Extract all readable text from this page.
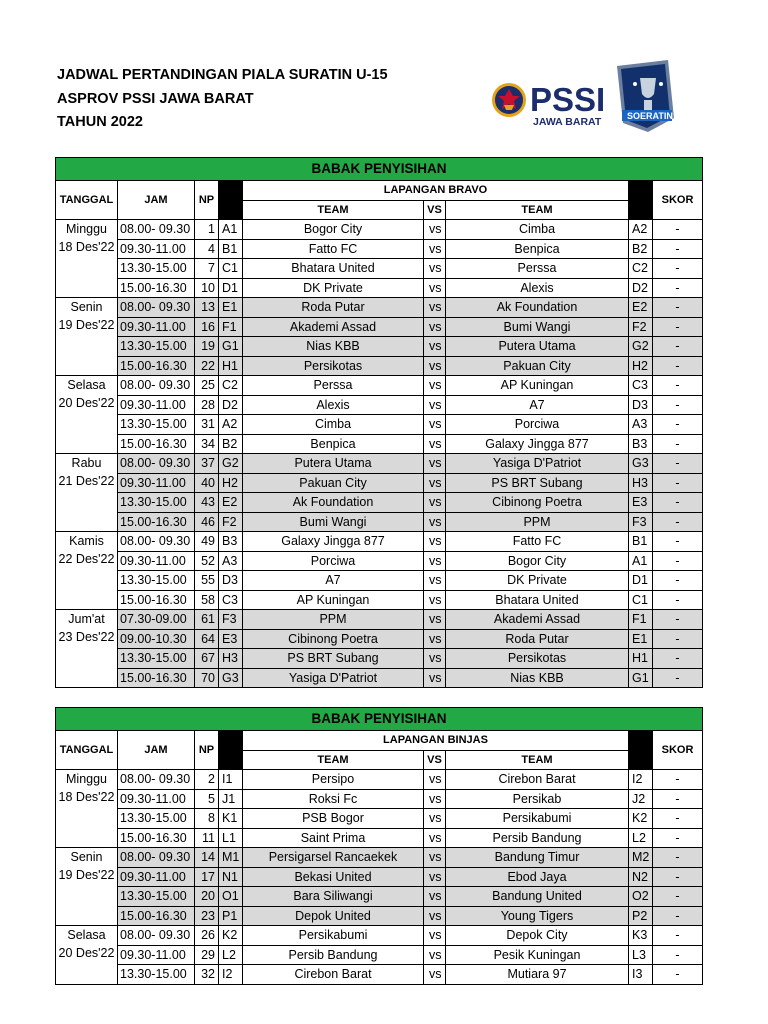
JADWAL PERTANDINGAN PIALA SURATIN U-15
ASPROV PSSI JAWA BARAT
TAHUN 2022
PSSI
JAWA BARAT	SOERATIN
BABAK PENYISIHAN								
TANGGAL	JAM	NP		LAPANGAN BRAVO				SKOR
				TEAM	VS	TEAM		

Minggu
18 Des'22	08.00- 09.30	1	A1	Bogor City	vs	Cimba	A2	-
	09.30-11.00	4	B1	Fatto FC	vs	Benpica	B2	-
	13.30-15.00	7	C1	Bhatara United	vs	Perssa	C2	-
	15.00-16.30	10	D1	DK Private	vs	Alexis	D2	-

Senin
19 Des'22	08.00- 09.30	13	E1	Roda Putar	vs	Ak Foundation	E2	-
	09.30-11.00	16	F1	Akademi Assad	vs	Bumi Wangi	F2	-
	13.30-15.00	19	G1	Nias KBB	vs	Putera Utama	G2	-
	15.00-16.30	22	H1	Persikotas	vs	Pakuan City	H2	-

Selasa
20 Des'22	08.00- 09.30	25	C2	Perssa	vs	AP Kuningan	C3	-
	09.30-11.00	28	D2	Alexis	vs	A7	D3	-
	13.30-15.00	31	A2	Cimba	vs	Porciwa	A3	-
	15.00-16.30	34	B2	Benpica	vs	Galaxy Jingga 877	B3	-

Rabu
21 Des'22	08.00- 09.30	37	G2	Putera Utama	vs	Yasiga D'Patriot	G3	-
	09.30-11.00	40	H2	Pakuan City	vs	PS BRT Subang	H3	-
	13.30-15.00	43	E2	Ak Foundation	vs	Cibinong Poetra	E3	-
	15.00-16.30	46	F2	Bumi Wangi	vs	PPM	F3	-

Kamis
22 Des'22	08.00- 09.30	49	B3	Galaxy Jingga 877	vs	Fatto FC	B1	-
	09.30-11.00	52	A3	Porciwa	vs	Bogor City	A1	-
	13.30-15.00	55	D3	A7	vs	DK Private	D1	-
	15.00-16.30	58	C3	AP Kuningan	vs	Bhatara United	C1	-

Jum'at
23 Des'22	07.30-09.00	61	F3	PPM	vs	Akademi Assad	F1	-
	09.00-10.30	64	E3	Cibinong Poetra	vs	Roda Putar	E1	-
	13.30-15.00	67	H3	PS BRT Subang	vs	Persikotas	H1	-
	15.00-16.30	70	G3	Yasiga D'Patriot	vs	Nias KBB	G1	-
BABAK PENYISIHAN								
TANGGAL	JAM	NP		LAPANGAN BINJAS				SKOR
				TEAM	VS	TEAM		

Minggu
18 Des'22	08.00- 09.30	2	I1	Persipo	vs	Cirebon Barat	I2	-
	09.30-11.00	5	J1	Roksi Fc	vs	Persikab	J2	-
	13.30-15.00	8	K1	PSB Bogor	vs	Persikabumi	K2	-
	15.00-16.30	11	L1	Saint Prima	vs	Persib Bandung	L2	-

Senin
19 Des'22	08.00- 09.30	14	M1	Persigarsel Rancaekek	vs	Bandung Timur	M2	-
	09.30-11.00	17	N1	Bekasi United	vs	Ebod Jaya	N2	-
	13.30-15.00	20	O1	Bara Siliwangi	vs	Bandung United	O2	-
	15.00-16.30	23	P1	Depok United	vs	Young Tigers	P2	-

Selasa
20 Des'22	08.00- 09.30	26	K2	Persikabumi	vs	Depok City	K3	-
	09.30-11.00	29	L2	Persib Bandung	vs	Pesik Kuningan	L3	-
	13.30-15.00	32	I2	Cirebon Barat	vs	Mutiara 97	I3	-
